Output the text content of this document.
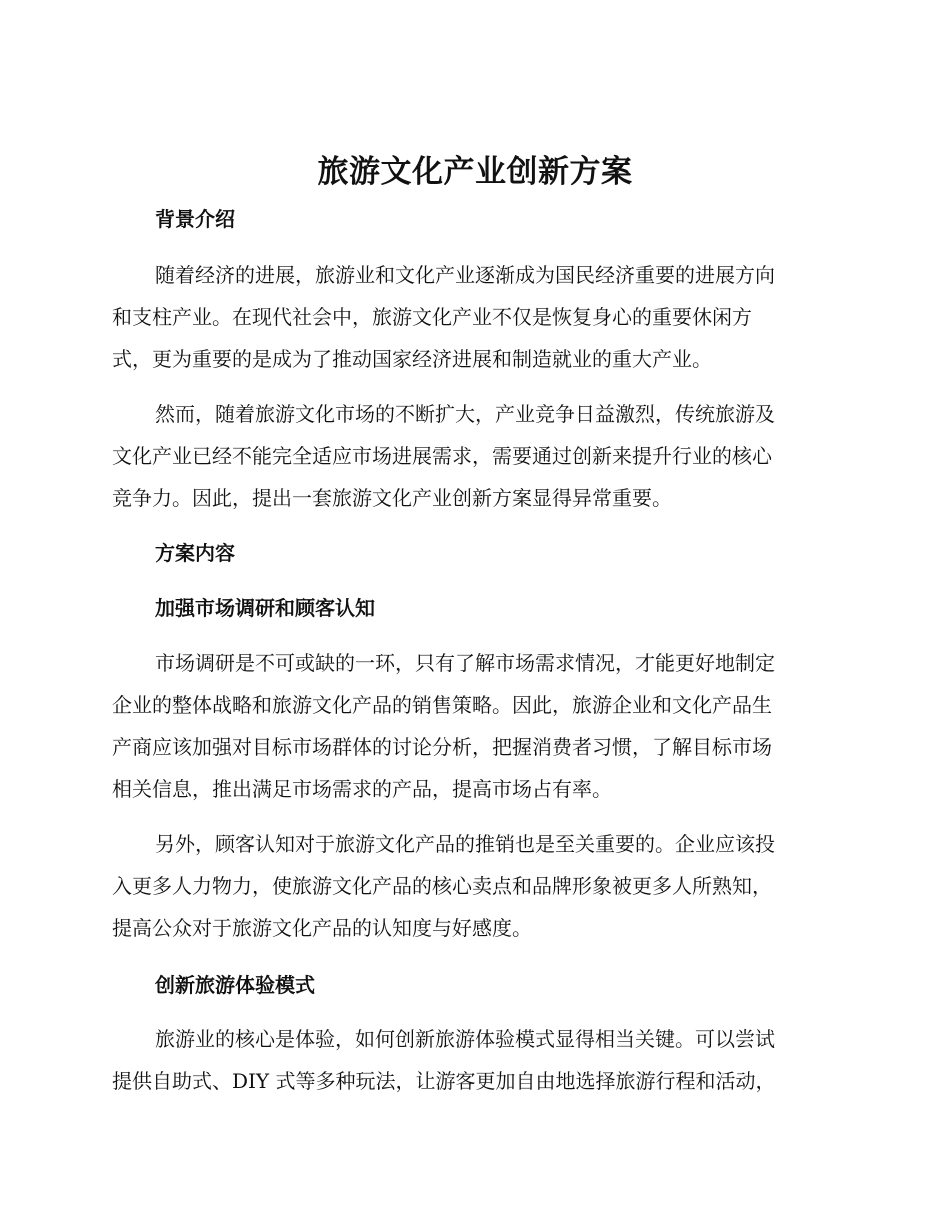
旅游文化产业创新方案
背景介绍
随着经济的进展，旅游业和文化产业逐渐成为国民经济重要的进展方向
和支柱产业。在现代社会中，旅游文化产业不仅是恢复身心的重要休闲方
式，更为重要的是成为了推动国家经济进展和制造就业的重大产业。
然而，随着旅游文化市场的不断扩大，产业竞争日益激烈，传统旅游及
文化产业已经不能完全适应市场进展需求，需要通过创新来提升行业的核心
竞争力。因此，提出一套旅游文化产业创新方案显得异常重要。
方案内容
加强市场调研和顾客认知
市场调研是不可或缺的一环，只有了解市场需求情况，才能更好地制定
企业的整体战略和旅游文化产品的销售策略。因此，旅游企业和文化产品生
产商应该加强对目标市场群体的讨论分析，把握消费者习惯，了解目标市场
相关信息，推出满足市场需求的产品，提高市场占有率。
另外，顾客认知对于旅游文化产品的推销也是至关重要的。企业应该投
入更多人力物力，使旅游文化产品的核心卖点和品牌形象被更多人所熟知，
提高公众对于旅游文化产品的认知度与好感度。
创新旅游体验模式
旅游业的核心是体验，如何创新旅游体验模式显得相当关键。可以尝试
提供自助式、DIY 式等多种玩法，让游客更加自由地选择旅游行程和活动，
